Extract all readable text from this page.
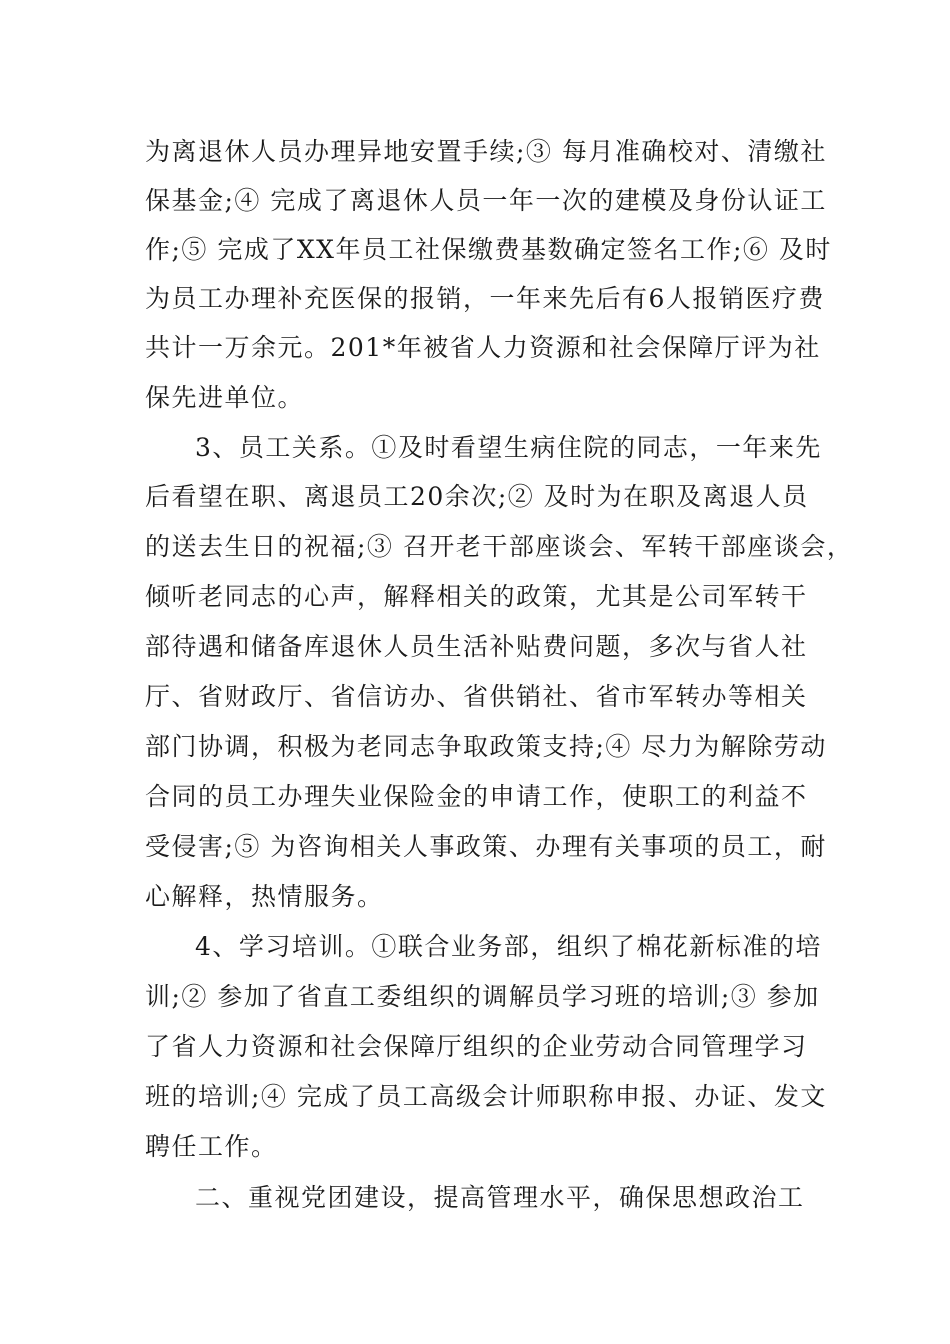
为离退休人员办理异地安置手续;③ 每月准确校对、清缴社
保基金;④ 完成了离退休人员一年一次的建模及身份认证工
作;⑤ 完成了XX年员工社保缴费基数确定签名工作;⑥ 及时
为员工办理补充医保的报销，一年来先后有6人报销医疗费
共计一万余元。201*年被省人力资源和社会保障厅评为社
保先进单位。
3、员工关系。①及时看望生病住院的同志，一年来先
后看望在职、离退员工20余次;② 及时为在职及离退人员
的送去生日的祝福;③ 召开老干部座谈会、军转干部座谈会，
倾听老同志的心声，解释相关的政策，尤其是公司军转干
部待遇和储备库退休人员生活补贴费问题，多次与省人社
厅、省财政厅、省信访办、省供销社、省市军转办等相关
部门协调，积极为老同志争取政策支持;④ 尽力为解除劳动
合同的员工办理失业保险金的申请工作，使职工的利益不
受侵害;⑤ 为咨询相关人事政策、办理有关事项的员工，耐
心解释，热情服务。
4、学习培训。①联合业务部，组织了棉花新标准的培
训;② 参加了省直工委组织的调解员学习班的培训;③ 参加
了省人力资源和社会保障厅组织的企业劳动合同管理学习
班的培训;④ 完成了员工高级会计师职称申报、办证、发文
聘任工作。
二、重视党团建设，提高管理水平，确保思想政治工
